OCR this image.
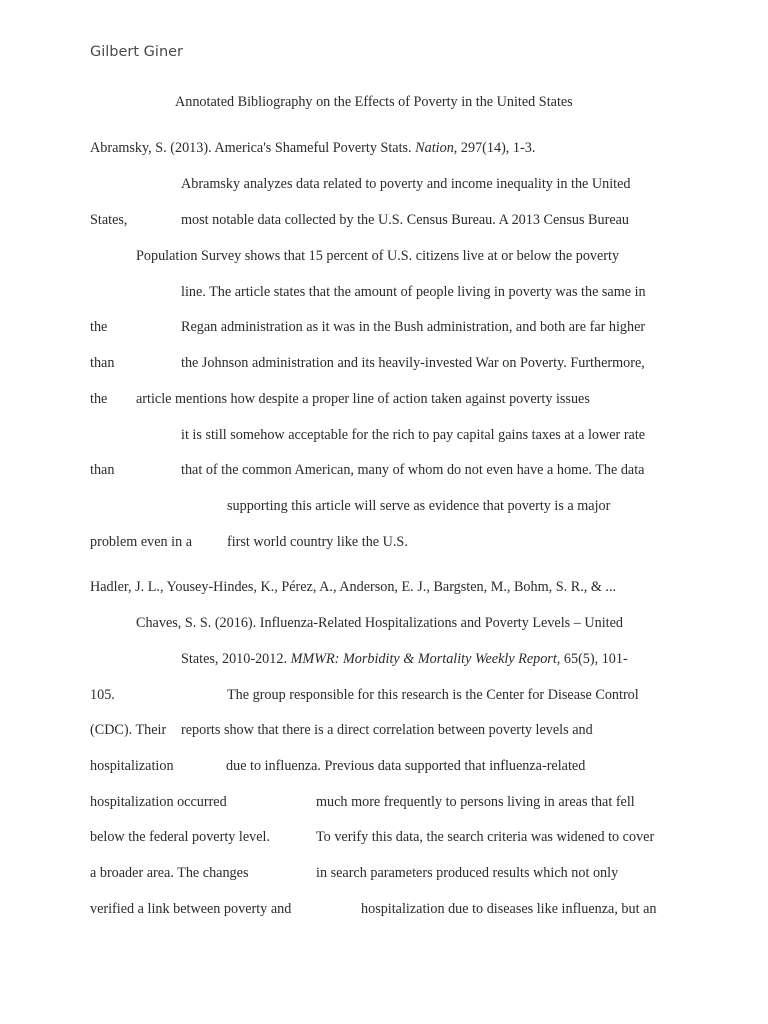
Gilbert Giner
Annotated Bibliography on the Effects of Poverty in the United States
Abramsky, S. (2013). America's Shameful Poverty Stats. Nation, 297(14), 1-3.
Abramsky analyzes data related to poverty and income inequality in the United
States,	most notable data collected by the U.S. Census Bureau. A 2013 Census Bureau
Population Survey shows that 15 percent of U.S. citizens live at or below the poverty
line. The article states that the amount of people living in poverty was the same in
the	Regan administration as it was in the Bush administration, and both are far higher
than	the Johnson administration and its heavily-invested War on Poverty. Furthermore,
the article mentions how despite a proper line of action taken against poverty issues
it is still somehow acceptable for the rich to pay capital gains taxes at a lower rate
than	that of the common American, many of whom do not even have a home. The data
supporting this article will serve as evidence that poverty is a major
problem even in a first world country like the U.S.
Hadler, J. L., Yousey-Hindes, K., Pérez, A., Anderson, E. J., Bargsten, M., Bohm, S. R., & ...
Chaves, S. S. (2016). Influenza-Related Hospitalizations and Poverty Levels – United
States, 2010-2012. MMWR: Morbidity & Mortality Weekly Report, 65(5), 101-
105.	The group responsible for this research is the Center for Disease Control
(CDC). Their reports show that there is a direct correlation between poverty levels and
hospitalization	due to influenza. Previous data supported that influenza-related
hospitalization occurred	much more frequently to persons living in areas that fell
below the federal poverty level.	To verify this data, the search criteria was widened to cover
a broader area. The changes	in search parameters produced results which not only
verified a link between poverty and	hospitalization due to diseases like influenza, but an
